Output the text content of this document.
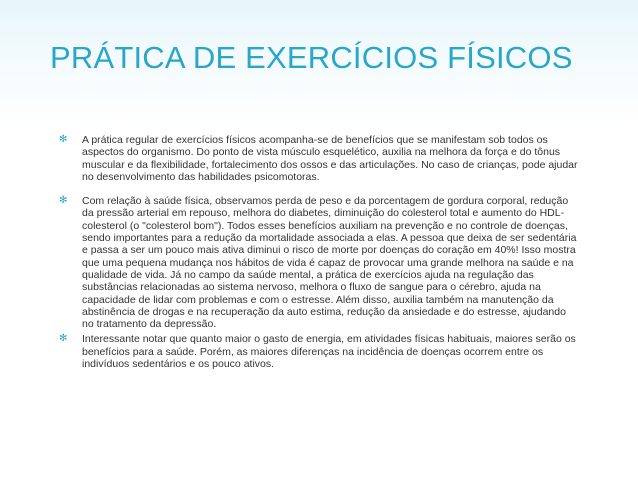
PRÁTICA DE EXERCÍCIOS FÍSICOS
✻ A prática regular de exercícios físicos acompanha-se de benefícios que se manifestam sob todos os aspectos do organismo. Do ponto de vista músculo esquelético, auxilia na melhora da força e do tônus muscular e da flexibilidade, fortalecimento dos ossos e das articulações. No caso de crianças, pode ajudar no desenvolvimento das habilidades psicomotoras.
✻ Com relação à saúde física, observamos perda de peso e da porcentagem de gordura corporal, redução da pressão arterial em repouso, melhora do diabetes, diminuição do colesterol total e aumento do HDL-colesterol (o "colesterol bom"). Todos esses benefícios auxiliam na prevenção e no controle de doenças, sendo importantes para a redução da mortalidade associada a elas. A pessoa que deixa de ser sedentária e passa a ser um pouco mais ativa diminui o risco de morte por doenças do coração em 40%! Isso mostra que uma pequena mudança nos hábitos de vida é capaz de provocar uma grande melhora na saúde e na qualidade de vida. Já no campo da saúde mental, a prática de exercícios ajuda na regulação das substâncias relacionadas ao sistema nervoso, melhora o fluxo de sangue para o cérebro, ajuda na capacidade de lidar com problemas e com o estresse. Além disso, auxilia também na manutenção da abstinência de drogas e na recuperação da auto estima, redução da ansiedade e do estresse, ajudando no tratamento da depressão.
✻ Interessante notar que quanto maior o gasto de energia, em atividades físicas habituais, maiores serão os benefícios para a saúde. Porém, as maiores diferenças na incidência de doenças ocorrem entre os indivíduos sedentários e os pouco ativos.
